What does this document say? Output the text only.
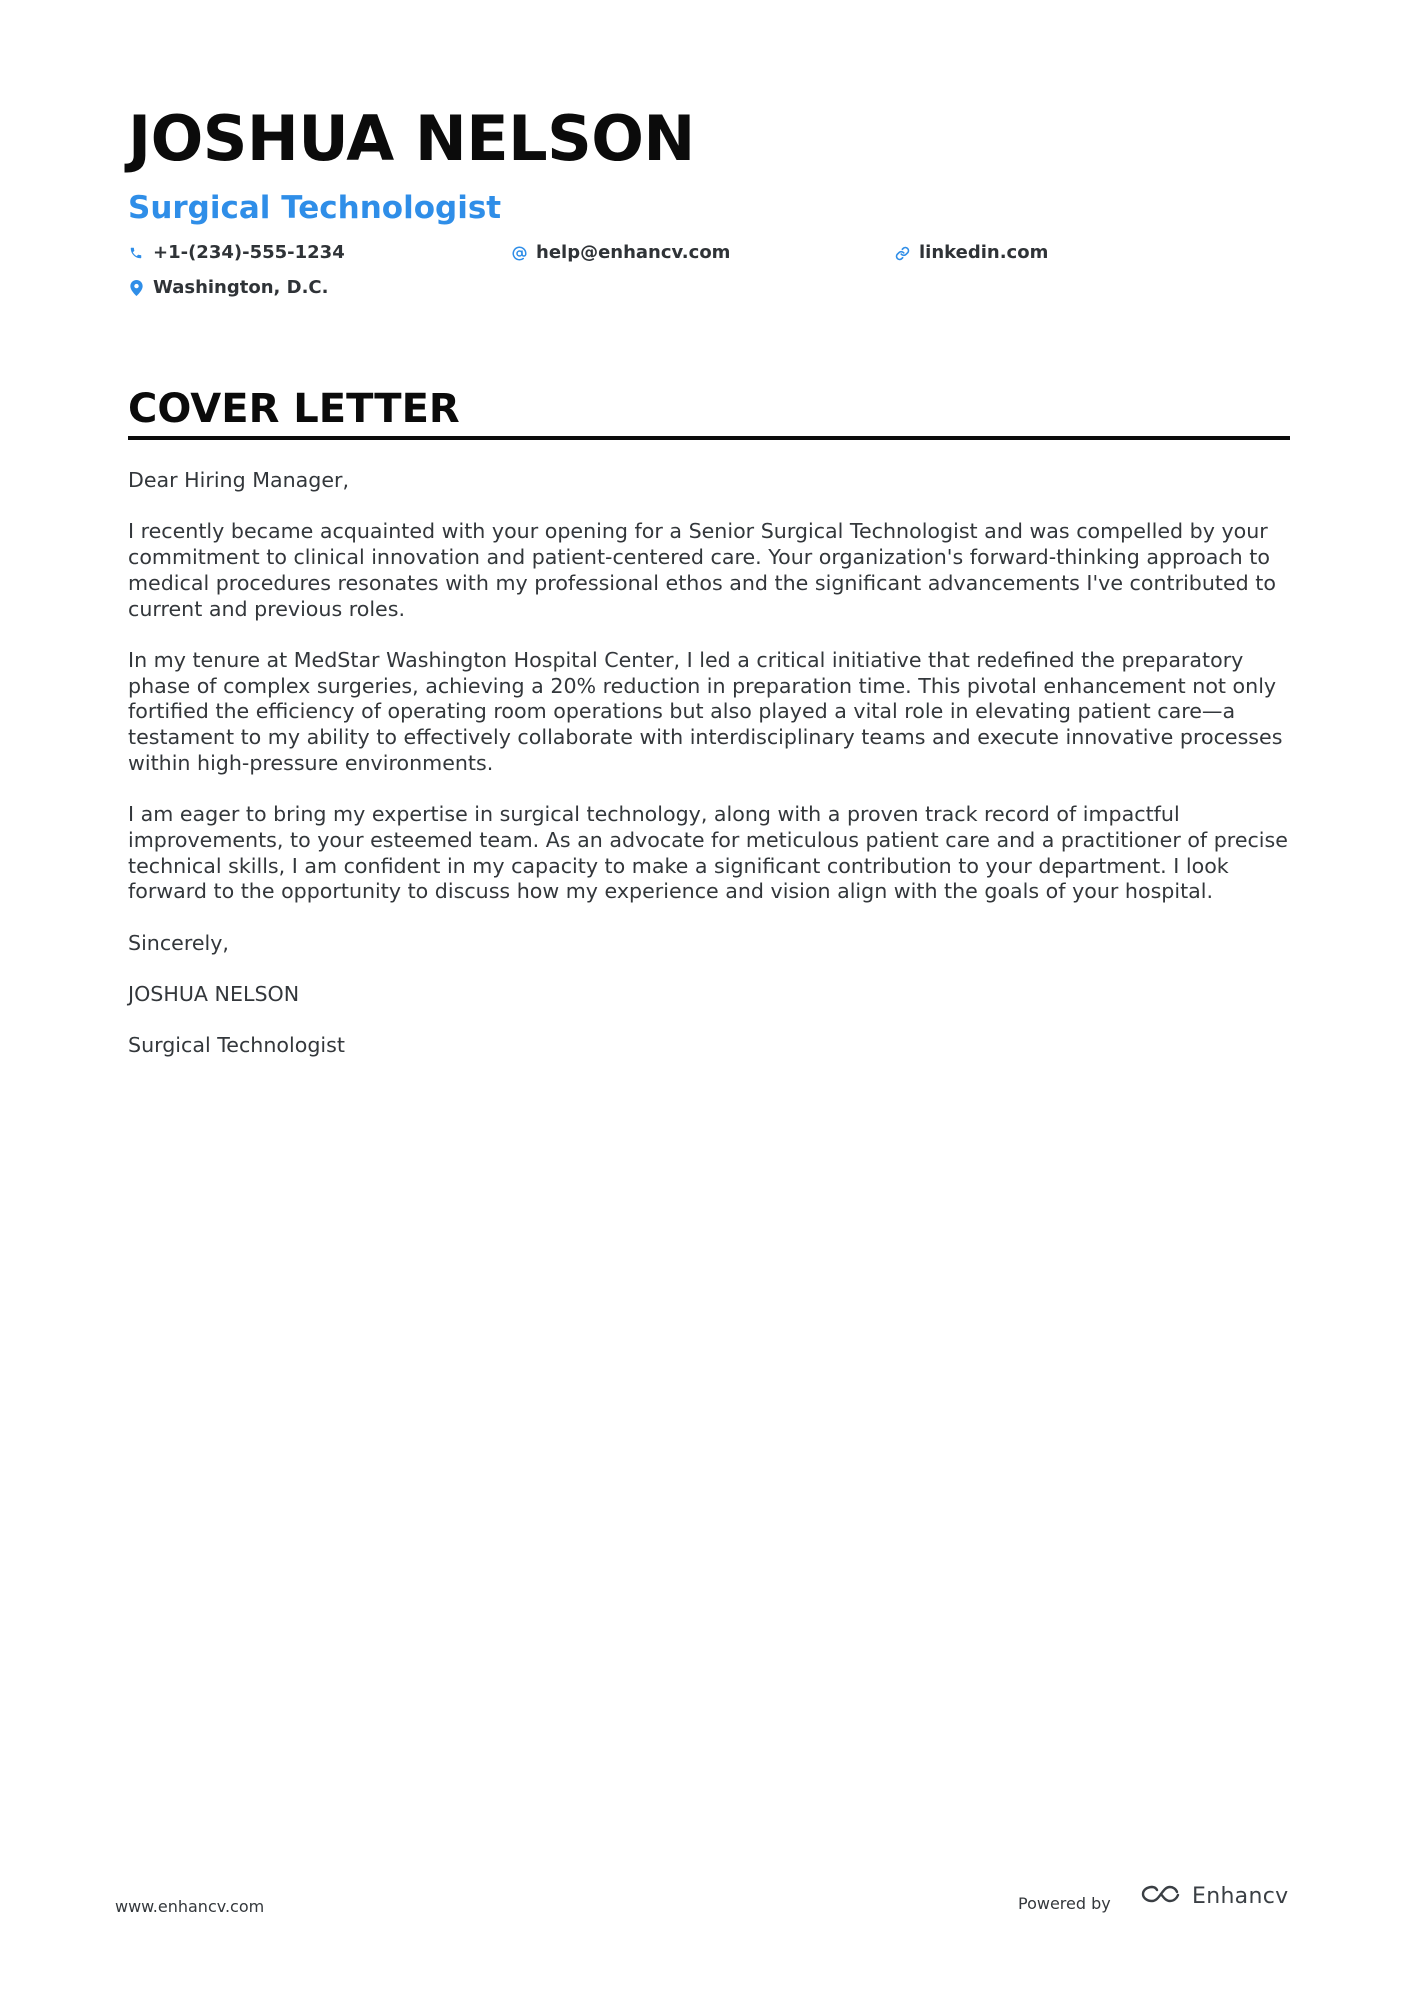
JOSHUA NELSON
Surgical Technologist
+1-(234)-555-1234	help@enhancv.com	linkedin.com
Washington, D.C.
COVER LETTER

Dear Hiring Manager,

I recently became acquainted with your opening for a Senior Surgical Technologist and was compelled by your commitment to clinical innovation and patient-centered care. Your organization's forward-thinking approach to medical procedures resonates with my professional ethos and the significant advancements I've contributed to current and previous roles.

In my tenure at MedStar Washington Hospital Center, I led a critical initiative that redefined the preparatory phase of complex surgeries, achieving a 20% reduction in preparation time. This pivotal enhancement not only fortified the efficiency of operating room operations but also played a vital role in elevating patient care—a testament to my ability to effectively collaborate with interdisciplinary teams and execute innovative processes within high-pressure environments.

I am eager to bring my expertise in surgical technology, along with a proven track record of impactful improvements, to your esteemed team. As an advocate for meticulous patient care and a practitioner of precise technical skills, I am confident in my capacity to make a significant contribution to your department. I look forward to the opportunity to discuss how my experience and vision align with the goals of your hospital.

Sincerely,

JOSHUA NELSON

Surgical Technologist

www.enhancv.com	Powered by	Enhancv
